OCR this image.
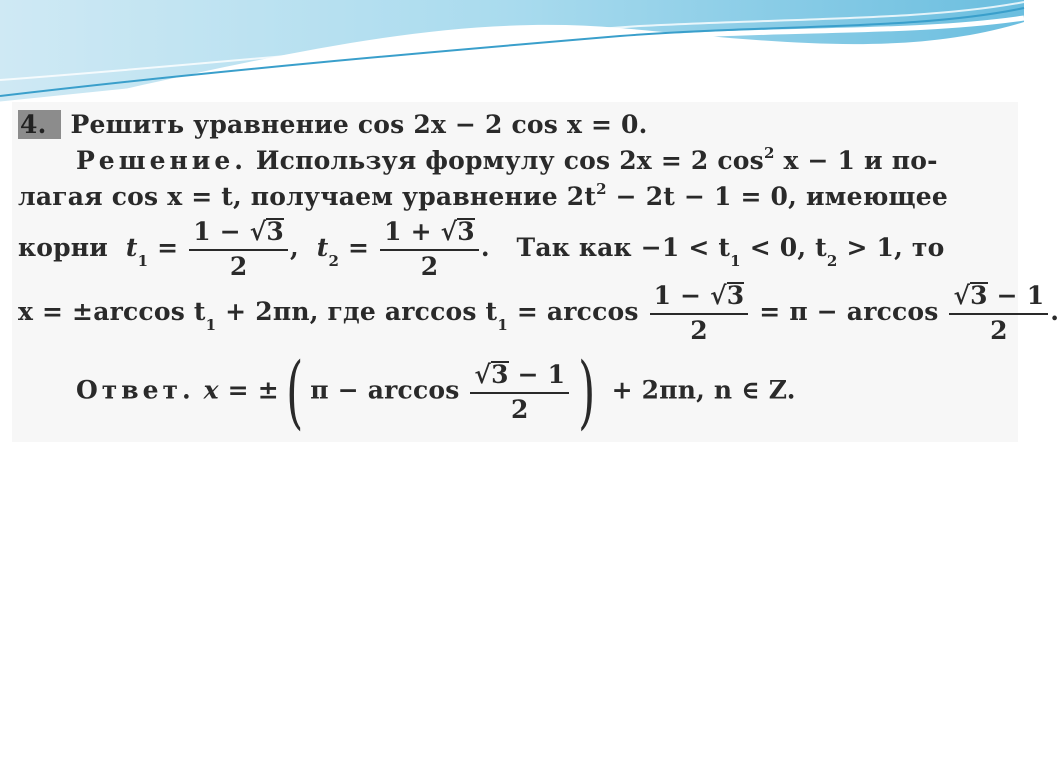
4. Решить уравнение cos 2x − 2 cos x = 0.
Решение. Используя формулу cos 2x = 2 $\cos^2 x - 1$ и по-
лагая cos x = t, получаем уравнение $2t^2 - 2t - 1 = 0$, имеющее
корни $t_1 = \frac{1 - √3}{2}$ ,  $t_2 = \frac{1 + √3}{2}$ .   Так как $-1 < t_1 < 0$, $t_2 > 1$, то
x = ±arccos $t_1 + 2\pi n$, где $\arccos t_1 = \arccos \frac{1 - √3}{2} = \pi - \arccos \frac{√3 - 1}{2}$ .
Ответ. x = ±( $\pi - \arccos \frac{√3 - 1}{2}$ ) + 2πn, n ∈ Z.
